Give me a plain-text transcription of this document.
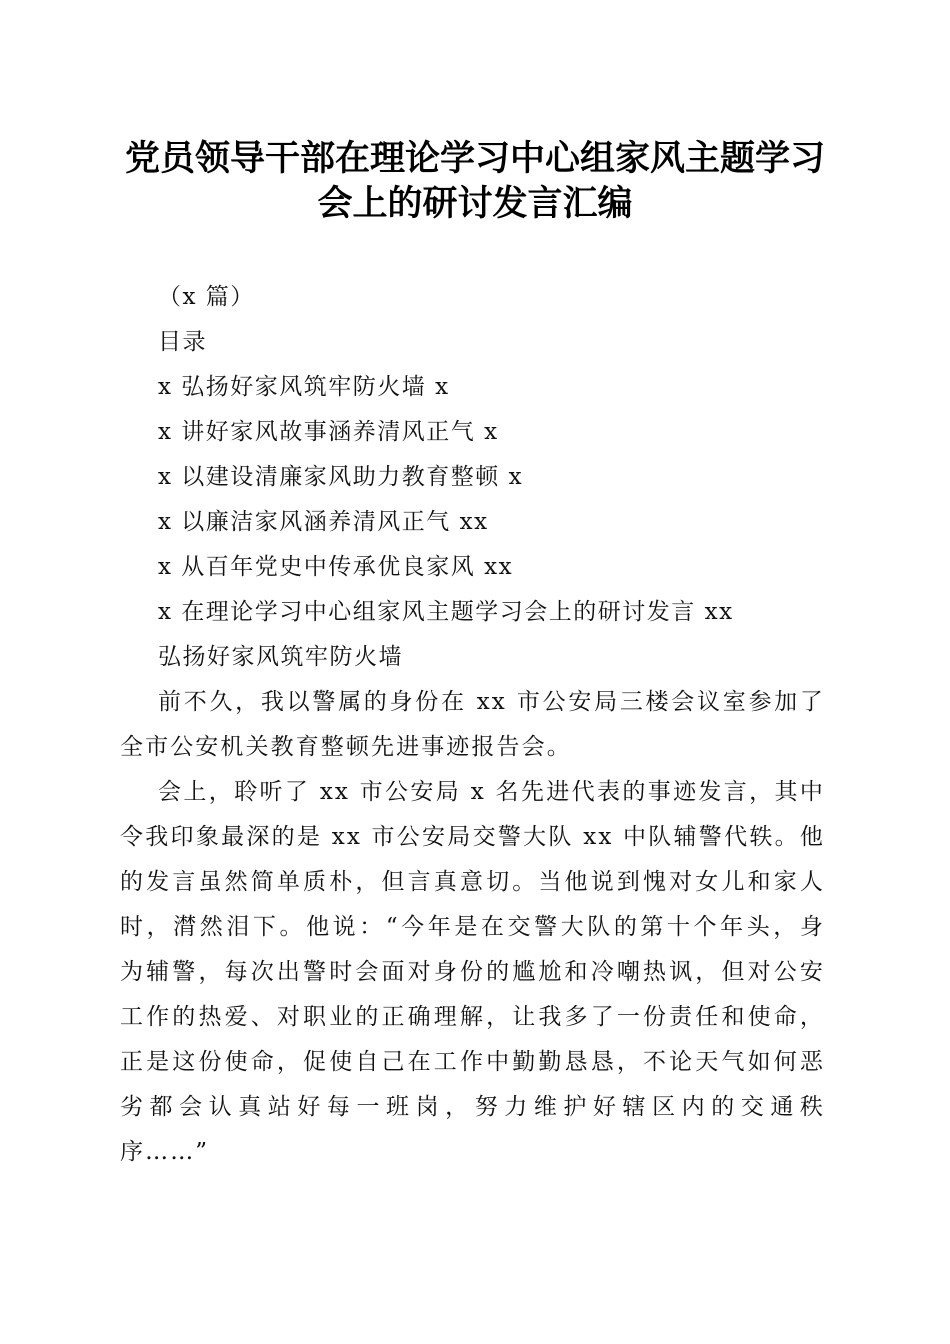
党员领导干部在理论学习中心组家风主题学习
会上的研讨发言汇编
（x 篇）
目录
x 弘扬好家风筑牢防火墙 x
x 讲好家风故事涵养清风正气 x
x 以建设清廉家风助力教育整顿 x
x 以廉洁家风涵养清风正气 xx
x 从百年党史中传承优良家风 xx
x 在理论学习中心组家风主题学习会上的研讨发言 xx
弘扬好家风筑牢防火墙
前不久，我以警属的身份在 xx 市公安局三楼会议室参加了
全市公安机关教育整顿先进事迹报告会。
会上，聆听了 xx 市公安局 x 名先进代表的事迹发言，其中
令我印象最深的是 xx 市公安局交警大队 xx 中队辅警代轶。他
的发言虽然简单质朴，但言真意切。当他说到愧对女儿和家人
时，潸然泪下。他说：“今年是在交警大队的第十个年头，身
为辅警，每次出警时会面对身份的尴尬和冷嘲热讽，但对公安
工作的热爱、对职业的正确理解，让我多了一份责任和使命，
正是这份使命，促使自己在工作中勤勤恳恳，不论天气如何恶
劣都会认真站好每一班岗，努力维护好辖区内的交通秩
序……”
